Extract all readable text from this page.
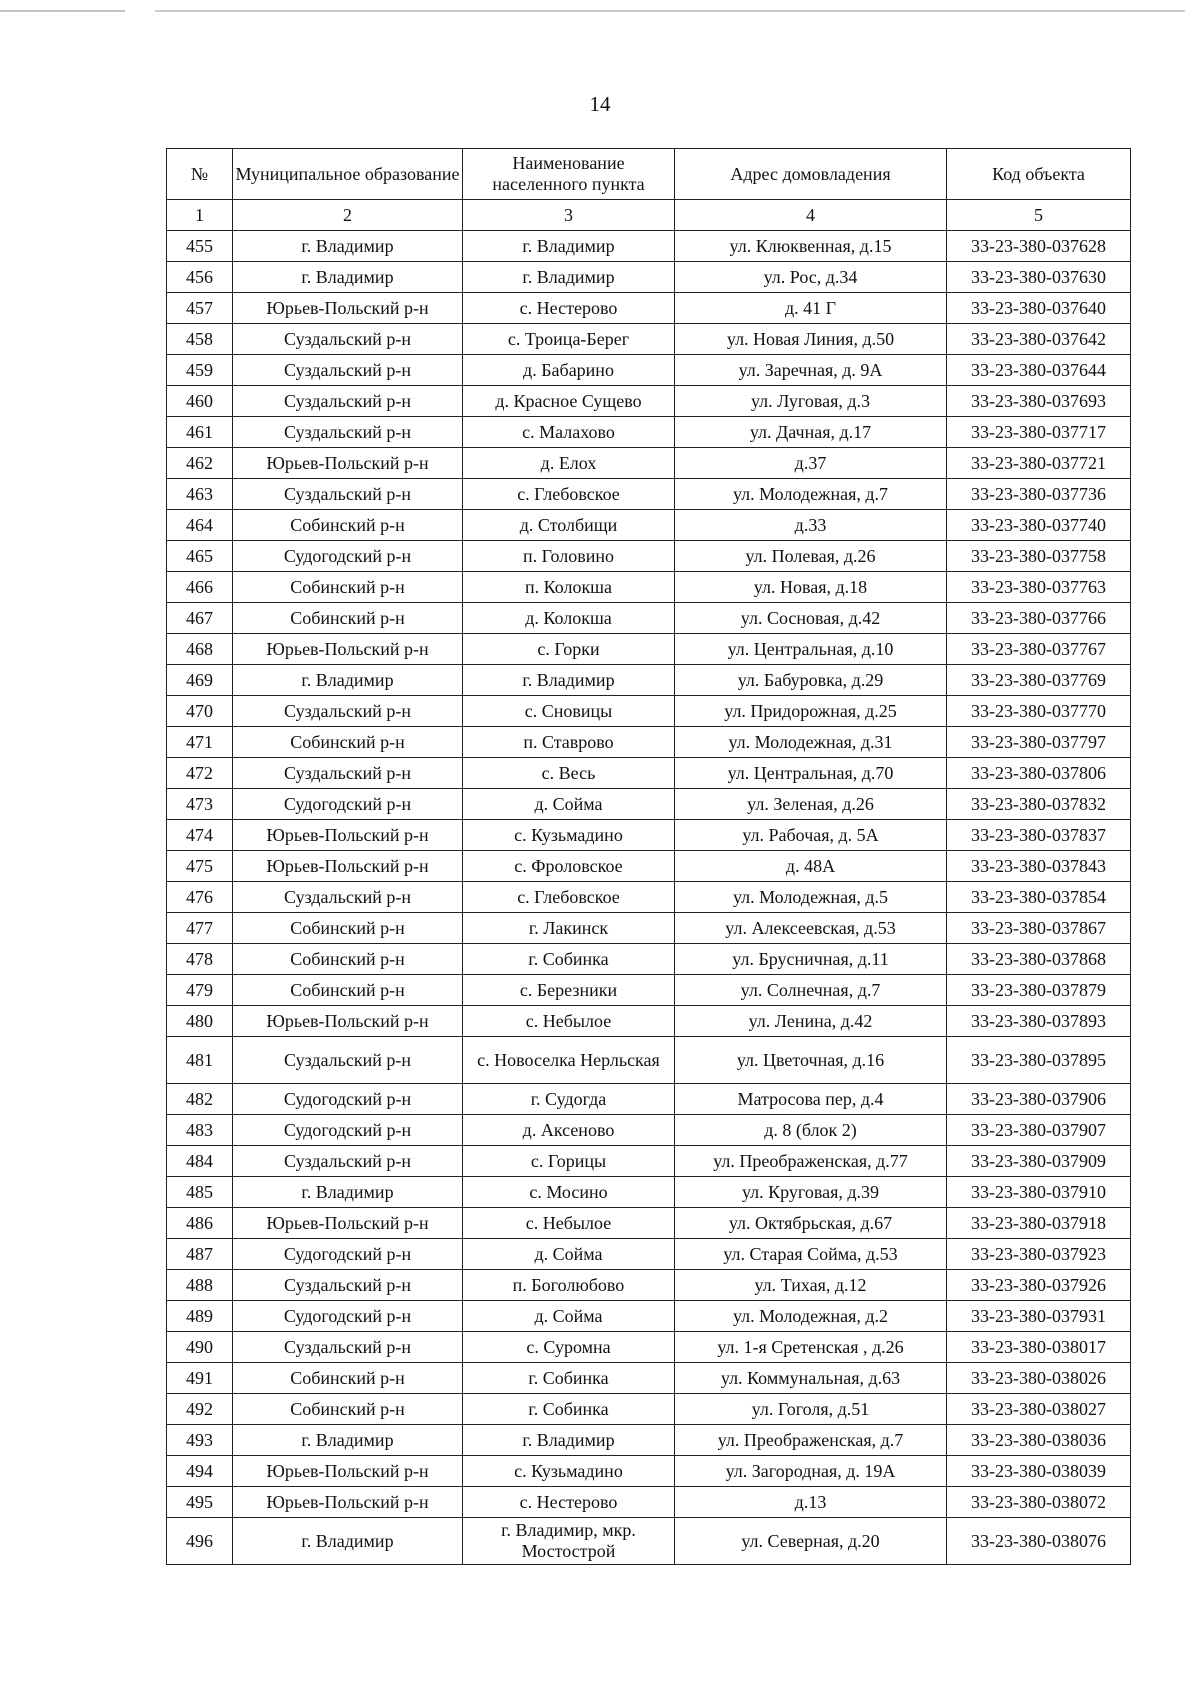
14
№	Муниципальное образование	Наименование населенного пункта	Адрес домовладения	Код объекта
1	2	3	4	5
455	г. Владимир	г. Владимир	ул. Клюквенная, д.15	33-23-380-037628
456	г. Владимир	г. Владимир	ул. Рос, д.34	33-23-380-037630
457	Юрьев-Польский р-н	с. Нестерово	д. 41 Г	33-23-380-037640
458	Суздальский р-н	с. Троица-Берег	ул. Новая Линия, д.50	33-23-380-037642
459	Суздальский р-н	д. Бабарино	ул. Заречная, д. 9А	33-23-380-037644
460	Суздальский р-н	д. Красное Сущево	ул. Луговая, д.3	33-23-380-037693
461	Суздальский р-н	с. Малахово	ул. Дачная, д.17	33-23-380-037717
462	Юрьев-Польский р-н	д. Елох	д.37	33-23-380-037721
463	Суздальский р-н	с. Глебовское	ул. Молодежная, д.7	33-23-380-037736
464	Собинский р-н	д. Столбищи	д.33	33-23-380-037740
465	Судогодский р-н	п. Головино	ул. Полевая, д.26	33-23-380-037758
466	Собинский р-н	п. Колокша	ул. Новая, д.18	33-23-380-037763
467	Собинский р-н	д. Колокша	ул. Сосновая, д.42	33-23-380-037766
468	Юрьев-Польский р-н	с. Горки	ул. Центральная, д.10	33-23-380-037767
469	г. Владимир	г. Владимир	ул. Бабуровка, д.29	33-23-380-037769
470	Суздальский р-н	с. Сновицы	ул. Придорожная, д.25	33-23-380-037770
471	Собинский р-н	п. Ставрово	ул. Молодежная, д.31	33-23-380-037797
472	Суздальский р-н	с. Весь	ул. Центральная, д.70	33-23-380-037806
473	Судогодский р-н	д. Сойма	ул. Зеленая, д.26	33-23-380-037832
474	Юрьев-Польский р-н	с. Кузьмадино	ул. Рабочая, д. 5А	33-23-380-037837
475	Юрьев-Польский р-н	с. Фроловское	д. 48А	33-23-380-037843
476	Суздальский р-н	с. Глебовское	ул. Молодежная, д.5	33-23-380-037854
477	Собинский р-н	г. Лакинск	ул. Алексеевская, д.53	33-23-380-037867
478	Собинский р-н	г. Собинка	ул. Брусничная, д.11	33-23-380-037868
479	Собинский р-н	с. Березники	ул. Солнечная, д.7	33-23-380-037879
480	Юрьев-Польский р-н	с. Небылое	ул. Ленина, д.42	33-23-380-037893
481	Суздальский р-н	с. Новоселка Нерльская	ул. Цветочная, д.16	33-23-380-037895
482	Судогодский р-н	г. Судогда	Матросова пер, д.4	33-23-380-037906
483	Судогодский р-н	д. Аксеново	д. 8 (блок 2)	33-23-380-037907
484	Суздальский р-н	с. Горицы	ул. Преображенская, д.77	33-23-380-037909
485	г. Владимир	с. Мосино	ул. Круговая, д.39	33-23-380-037910
486	Юрьев-Польский р-н	с. Небылое	ул. Октябрьская, д.67	33-23-380-037918
487	Судогодский р-н	д. Сойма	ул. Старая Сойма, д.53	33-23-380-037923
488	Суздальский р-н	п. Боголюбово	ул. Тихая, д.12	33-23-380-037926
489	Судогодский р-н	д. Сойма	ул. Молодежная, д.2	33-23-380-037931
490	Суздальский р-н	с. Суромна	ул. 1-я Сретенская , д.26	33-23-380-038017
491	Собинский р-н	г. Собинка	ул. Коммунальная, д.63	33-23-380-038026
492	Собинский р-н	г. Собинка	ул. Гоголя, д.51	33-23-380-038027
493	г. Владимир	г. Владимир	ул. Преображенская, д.7	33-23-380-038036
494	Юрьев-Польский р-н	с. Кузьмадино	ул. Загородная, д. 19А	33-23-380-038039
495	Юрьев-Польский р-н	с. Нестерово	д.13	33-23-380-038072
496	г. Владимир	г. Владимир, мкр. Мостострой	ул. Северная, д.20	33-23-380-038076
